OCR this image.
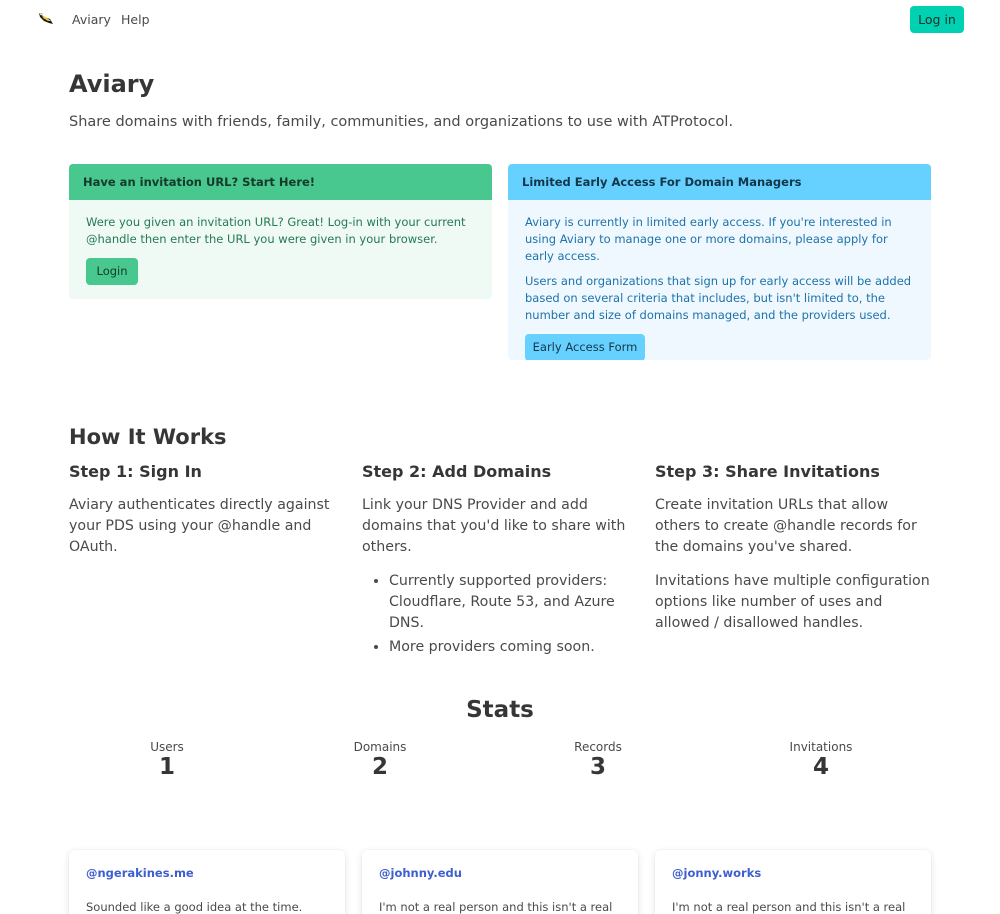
Aviary Help	Log in
Aviary

Share domains with friends, family, communities, and organizations to use with ATProtocol.

Have an invitation URL? Start Here!

Were you given an invitation URL? Great! Log-in with your current @handle then enter the URL you were given in your browser.

Login
Limited Early Access For Domain Managers

Aviary is currently in limited early access. If you're interested in using Aviary to manage one or more domains, please apply for early access.

Users and organizations that sign up for early access will be added based on several criteria that includes, but isn't limited to, the number and size of domains managed, and the providers used.

Early Access Form
How It Works
Step 1: Sign In

Aviary authenticates directly against your PDS using your @handle and OAuth.

Step 2: Add Domains

Link your DNS Provider and add domains that you'd like to share with others.

• Currently supported providers: Cloudflare, Route 53, and Azure DNS.
• More providers coming soon.
Step 3: Share Invitations

Create invitation URLs that allow others to create @handle records for the domains you've shared.

Invitations have multiple configuration options like number of uses and allowed / disallowed handles.

Stats
Users
1
Domains
2
Records
3
Invitations
4
@ngerakines.me
Sounded like a good idea at the time.
@johnny.edu
I'm not a real person and this isn't a real
@jonny.works
I'm not a real person and this isn't a real
